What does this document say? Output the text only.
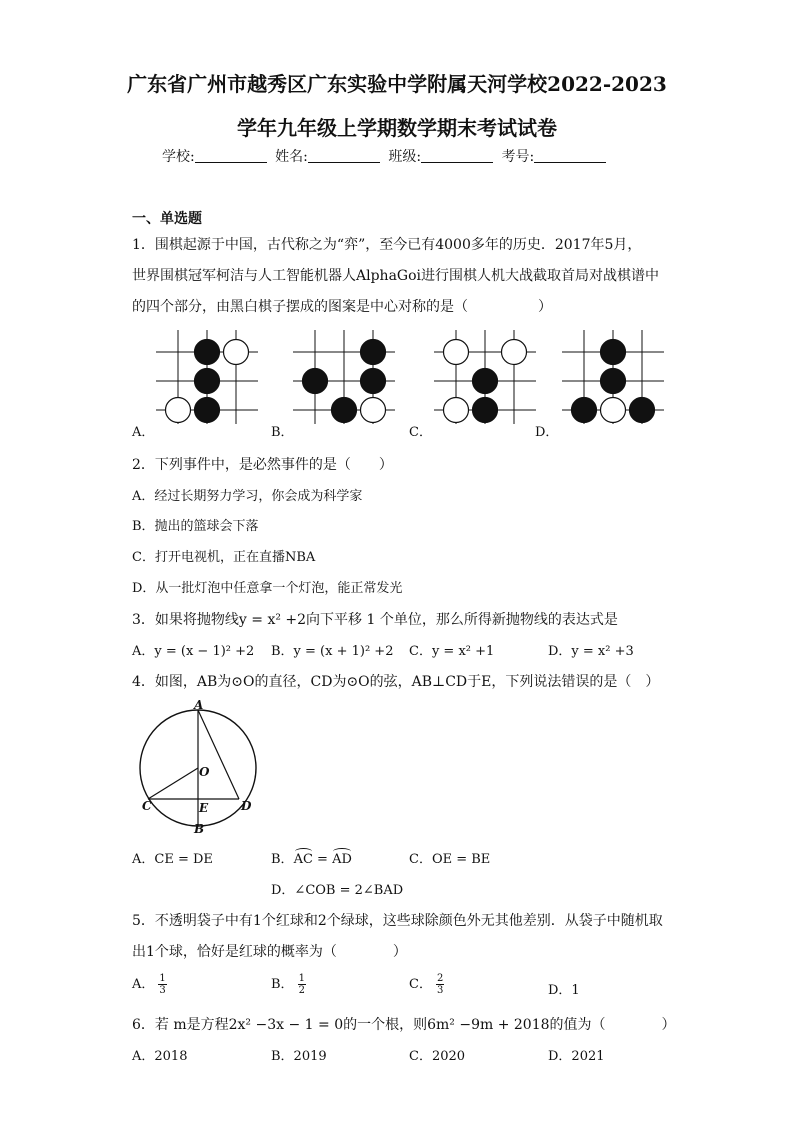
广东省广州市越秀区广东实验中学附属天河学校2022-2023
学年九年级上学期数学期末考试试卷
学校:	姓名:	班级:	考号:
一、单选题
1．围棋起源于中国，古代称之为“弈”，至今已有4000多年的历史．2017年5月，
世界围棋冠军柯洁与人工智能机器人AlphaGoi进行围棋人机大战截取首局对战棋谱中
的四个部分，由黑白棋子摆成的图案是中心对称的是（　　　　　）
A．	B．	C．	D．
2．下列事件中，是必然事件的是（　　）
A．经过长期努力学习，你会成为科学家
B．抛出的篮球会下落
C．打开电视机，正在直播NBA
D．从一批灯泡中任意拿一个灯泡，能正常发光
3．如果将抛物线y = x² +2向下平移 1 个单位，那么所得新抛物线的表达式是
A．y = (x − 1)² +2 B．y = (x + 1)² +2 C．y = x² +1	D．y = x² +3
4．如图，AB为⊙O的直径，CD为⊙O的弦，AB⊥CD于E，下列说法错误的是（　）
A
O
C	E	D
B
A．CE = DE	B．AC = AD	C．OE = BE
D．∠COB = 2∠BAD
5．不透明袋子中有1个红球和2个绿球，这些球除颜色外无其他差别．从袋子中随机取
出1个球，恰好是红球的概率为（　　　　）
A． $\frac{1}{3}$	B． $\frac{1}{2}$	C． $\frac{2}{3}$	D．1
6．若 m是方程2x² −3x − 1 = 0的一个根，则6m² −9m + 2018的值为（　　　　）
A．2018	B．2019	C．2020	D．2021
